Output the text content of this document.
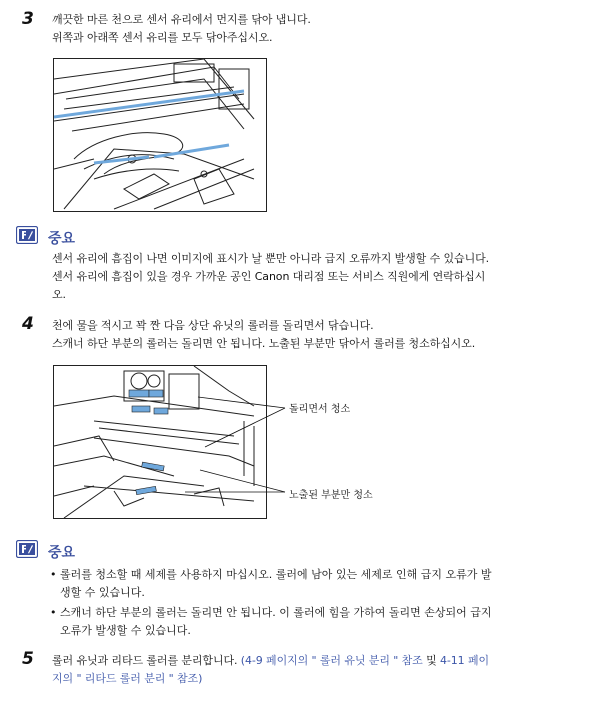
3	깨끗한 마른 천으로 센서 유리에서 먼지를 닦아 냅니다.
위쪽과 아래쪽 센서 유리를 모두 닦아주십시오.
중요
센서 유리에 흠집이 나면 이미지에 표시가 날 뿐만 아니라 급지 오류까지 발생할 수 있습니다.
센서 유리에 흠집이 있을 경우 가까운 공인 Canon 대리점 또는 서비스 직원에게 연락하십시
오.
4	천에 물을 적시고 꽉 짠 다음 상단 유닛의 롤러를 돌리면서 닦습니다.
스캐너 하단 부분의 롤러는 돌리면 안 됩니다. 노출된 부분만 닦아서 롤러를 청소하십시오.
돌리면서 청소
노출된 부분만 청소
중요
• 롤러를 청소할 때 세제를 사용하지 마십시오. 롤러에 남아 있는 세제로 인해 급지 오류가 발
생할 수 있습니다.
• 스캐너 하단 부분의 롤러는 돌리면 안 됩니다. 이 롤러에 힘을 가하여 돌리면 손상되어 급지
오류가 발생할 수 있습니다.
5	롤러 유닛과 리타드 롤러를 분리합니다. (4-9 페이지의 " 롤러 유닛 분리 " 참조 및 4-11 페이
지의 " 리타드 롤러 분리 " 참조)
